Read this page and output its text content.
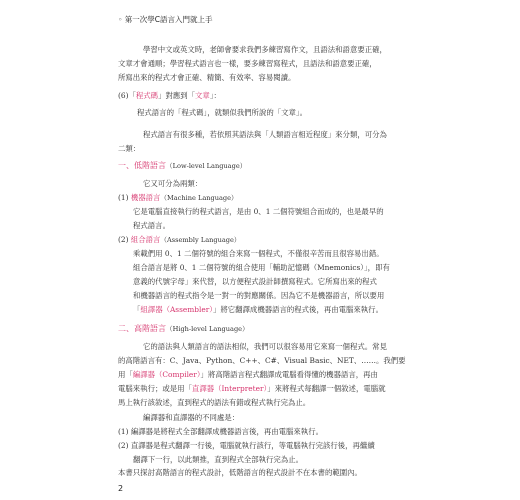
◦ 第一次學C語言入門就上手
學習中文或英文時，老師會要求我們多練習寫作文，且語法和語意要正確，
文章才會通順；學習程式語言也一樣，要多練習寫程式，且語法和語意要正確，
所寫出來的程式才會正確、精簡、有效率、容易閱讀。
(6)「程式碼」對應到「文章」：
程式語言的「程式碼」，就類似我們所說的「文章」。
程式語言有很多種，若依照其語法與「人類語言相近程度」來分類，可分為
二類：
一、低階語言（Low-level Language）
它又可分為兩類：
(1) 機器語言（Machine Language）
它是電腦直接執行的程式語言，是由 0、1 二個符號組合而成的，也是最早的
程式語言。
(2) 組合語言（Assembly Language）
乘載們用 0、1 二個符號的組合來寫一個程式，不僅很辛苦而且很容易出錯。
組合語言是將 0、1 二個符號的組合使用「輔助記憶碼（Mnemonics）」，即有
意義的代號字母」來代替，以方便程式設計師撰寫程式。它所寫出來的程式
和機器語言的程式指令是一對一的對應關係。因為它不是機器語言，所以要用
「組譯器（Assembler）」將它翻譯成機器語言的程式後，再由電腦來執行。
二、高階語言（High-level Language）
它的語法與人類語言的語法相似，我們可以很容易用它來寫一個程式。常見
的高階語言有：C、Java、Python、C++、C#、Visual Basic、NET、……。我們要
用「編譯器（Compiler）」將高階語言程式翻譯成電腦看得懂的機器語言，再由
電腦來執行；或是用「直譯器（Interpreter）」來將程式每翻譯一個敘述，電腦就
馬上執行該敘述，直到程式的語法有錯或程式執行完為止。
編譯器和直譯器的不同處是：
(1) 編譯器是將程式全部翻譯成機器語言後，再由電腦來執行。
(2) 直譯器是程式翻譯一行後，電腦就執行該行，等電腦執行完該行後，再繼續
翻譯下一行，以此類推，直到程式全部執行完為止。
2
本書只探討高階語言的程式設計，低階語言的程式設計不在本書的範圍內。
